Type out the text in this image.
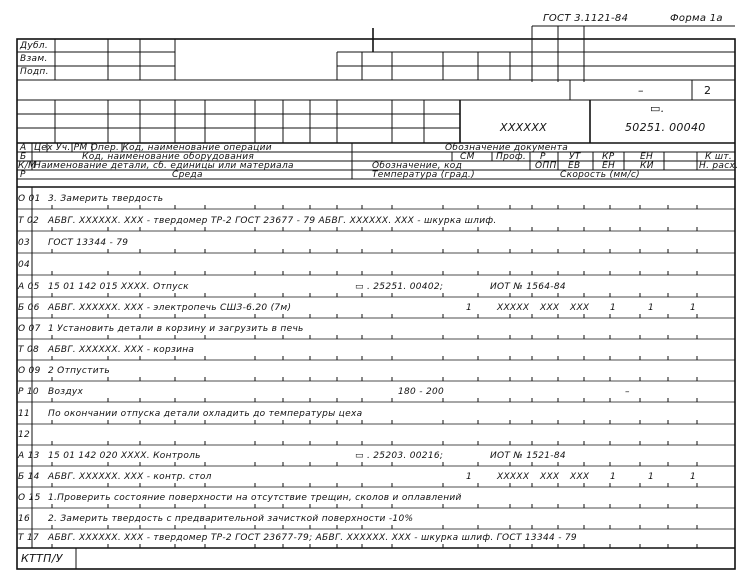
ГОСТ 3.1121-84	Форма 1а
Дубл.
Взам.
Подп.
–	2
ХХХХХХ
▭.
50251. 00040
А Цех Уч. РМ Опер. Код, наименование операции	Обозначение документа
Б	Код, наименование оборудования	СМ Проф. Р	УТ КР	ЕН	К шт.
К/М
Наименование детали, сб. единицы или материала	Обозначение, код	ОПП ЕВ ЕН	КИ	Н. расх.
Р	Среда	Температура (град.)	Скорость (мм/с)
О 01 3. Замерить твердость
Т 02 АБВГ. ХХХХХХ. ХХХ - твердомер ТР-2 ГОСТ 23677 - 79 АБВГ. ХХХХХХ. ХХХ - шкурка шлиф.
03 ГОСТ 13344 - 79
04
А 05 15 01 142 015 ХХХХ. Отпуск	▭ . 25251. 00402;	ИОТ № 1564-84
Б 06 АБВГ. ХХХХХХ. ХХХ - электропечь СШЗ-6.20 (7м)	1	ХХХХХ ХХХ ХХХ 1	1	1
О 07 1 Установить детали в корзину и загрузить в печь
Т 08 АБВГ. ХХХХХХ. ХХХ - корзина
О 09 2 Отпустить
Р 10 Воздух	180 - 200	–
11 По окончании отпуска детали охладить до температуры цеха
12
А 13 15 01 142 020 ХХХХ. Контроль	▭ . 25203. 00216;	ИОТ № 1521-84
Б 14 АБВГ. ХХХХХХ. ХХХ - контр. стол	1	ХХХХХ ХХХ ХХХ 1	1	1
О 15 1.Проверить состояние поверхности на отсутствие трещин, сколов и оплавлений
16 2. Замерить твердость с предварительной зачисткой поверхности -10%
Т 17 АБВГ. ХХХХХХ. ХХХ - твердомер ТР-2 ГОСТ 23677-79; АБВГ. ХХХХХХ. ХХХ - шкурка шлиф. ГОСТ 13344 - 79
КТТП/У
